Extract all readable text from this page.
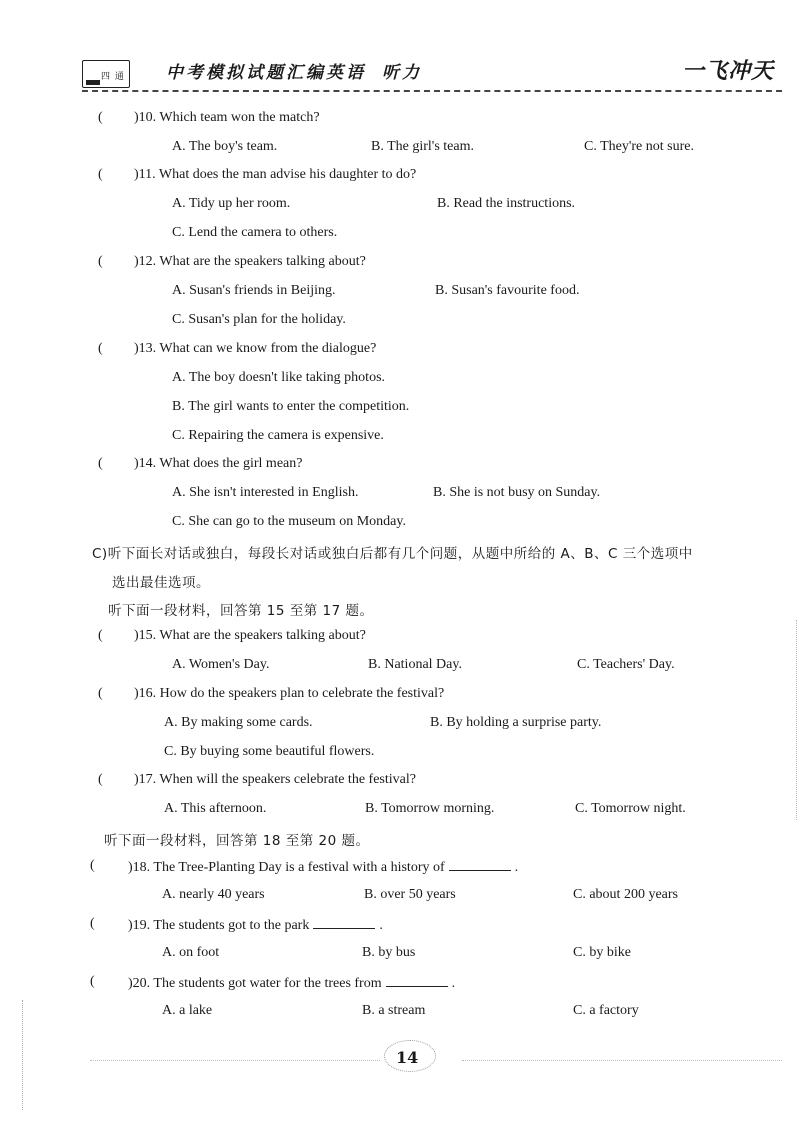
四 通 中考模拟试题汇编英语 听力	一飞冲天
( )10. Which team won the match?
A. The boy's team.	B. The girl's team.	C. They're not sure.
( )11. What does the man advise his daughter to do?
A. Tidy up her room.	B. Read the instructions.
C. Lend the camera to others.
( )12. What are the speakers talking about?
A. Susan's friends in Beijing.	B. Susan's favourite food.
C. Susan's plan for the holiday.
( )13. What can we know from the dialogue?
A. The boy doesn't like taking photos.
B. The girl wants to enter the competition.
C. Repairing the camera is expensive.
( )14. What does the girl mean?
A. She isn't interested in English.	B. She is not busy on Sunday.
C. She can go to the museum on Monday.
C)听下面长对话或独白，每段长对话或独白后都有几个问题，从题中所给的 A、B、C 三个选项中
选出最佳选项。
听下面一段材料，回答第 15 至第 17 题。
( )15. What are the speakers talking about?
A. Women's Day.	B. National Day.	C. Teachers' Day.
( )16. How do the speakers plan to celebrate the festival?
A. By making some cards.	B. By holding a surprise party.
C. By buying some beautiful flowers.
( )17. When will the speakers celebrate the festival?
A. This afternoon.	B. Tomorrow morning.	C. Tomorrow night.
听下面一段材料，回答第 18 至第 20 题。
( )18. The Tree-Planting Day is a festival with a history of	.
A. nearly 40 years	B. over 50 years	C. about 200 years
( )19. The students got to the park	.
A. on foot	B. by bus	C. by bike
( )20. The students got water for the trees from	.
A. a lake	B. a stream	C. a factory
14
